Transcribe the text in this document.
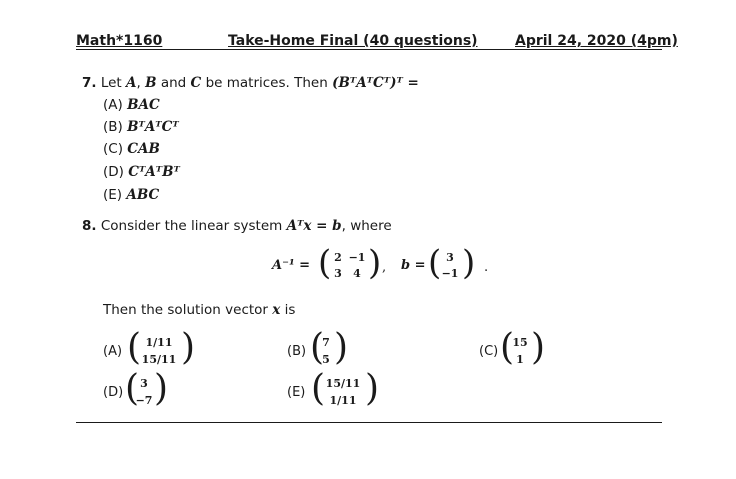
Math*1160	Take-Home Final (40 questions)	April 24, 2020 (4pm)
7. Let A, B and C be matrices. Then (BᵀAᵀCᵀ)ᵀ =
(A) BAC
(B) BᵀAᵀCᵀ
(C) CAB
(D) CᵀAᵀBᵀ
(E) ABC
8. Consider the linear system Aᵀx = b, where
A⁻¹ = ( 2 −1
3	4 ) , b = ( 3
−1 ) .
Then the solution vector x is
(A) ( 1/11
15/11 )	(B) (
7
5 )	(C) (
15
1 )
(D) ( 3
−7 )	(E) ( 15/11
1/11 )
